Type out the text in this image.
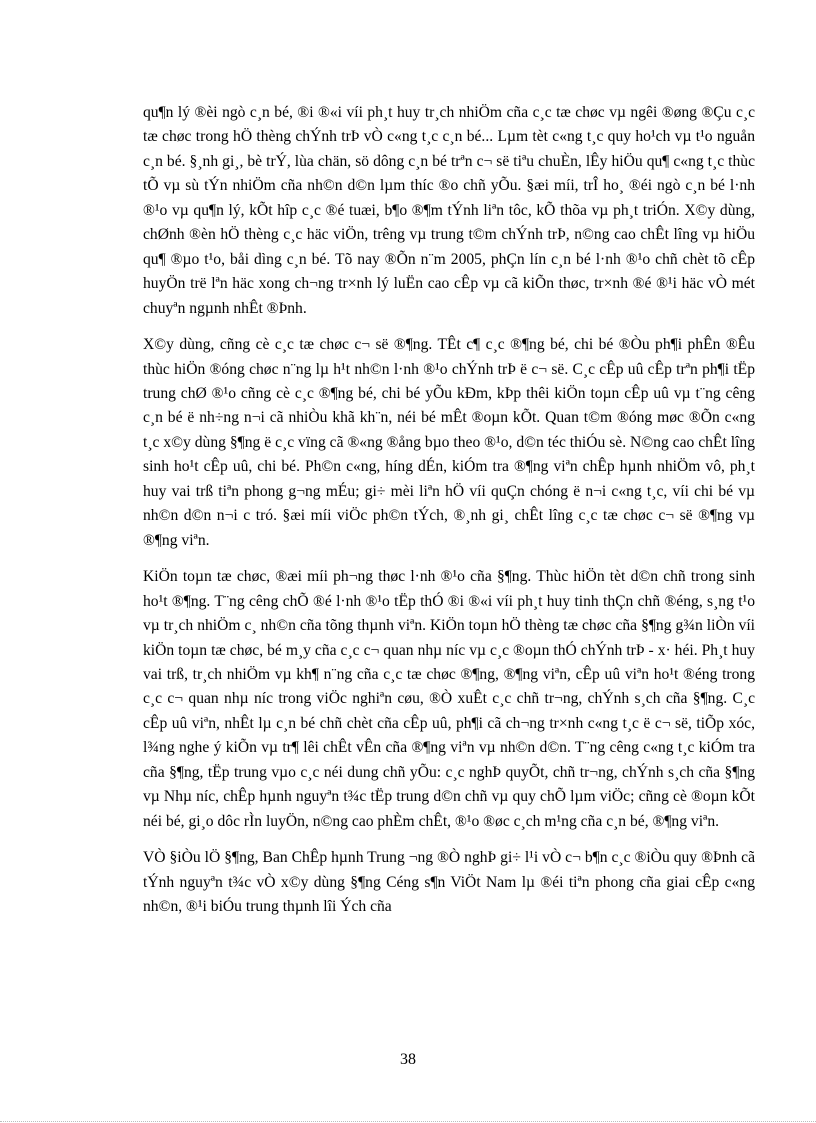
qu¶n lý ®èi ngò c¸n bé, ®i ®«i víi ph¸t huy tr¸ch nhiÖm cña c¸c tæ chøc vµ ngêi ®øng ®Çu c¸c tæ chøc trong hÖ thèng chÝnh trÞ vÒ c«ng t¸c c¸n bé... Lµm tèt c«ng t¸c quy ho¹ch vµ t¹o nguån c¸n bé. §¸nh gi¸, bè trÝ, lùa chän, sö dông c¸n bé trªn c¬ së tiªu chuÈn, lÊy hiÖu qu¶ c«ng t¸c thùc tÕ vµ sù tÝn nhiÖm cña nh©n d©n lµm thíc ®o chñ yÕu. §æi míi, trÎ ho¸ ®éi ngò c¸n bé l·nh ®¹o vµ qu¶n lý, kÕt hîp c¸c ®é tuæi, b¶o ®¶m tÝnh liªn tôc, kÕ thõa vµ ph¸t triÓn. X©y dùng, chØnh ®èn hÖ thèng c¸c häc viÖn, trêng vµ trung t©m chÝnh trÞ, n©ng cao chÊt lîng vµ hiÖu qu¶ ®µo t¹o, båi dìng c¸n bé. Tõ nay ®Õn n¨m 2005, phÇn lín c¸n bé l·nh ®¹o chñ chèt tõ cÊp huyÖn trë lªn häc xong ch¬ng tr×nh lý luËn cao cÊp vµ cã kiÕn thøc, tr×nh ®é ®¹i häc vÒ mét chuyªn ngµnh nhÊt ®Þnh.

X©y dùng, cñng cè c¸c tæ chøc c¬ së ®¶ng. TÊt c¶ c¸c ®¶ng bé, chi bé ®Òu ph¶i phÊn ®Êu thùc hiÖn ®óng chøc n¨ng lµ h¹t nh©n l·nh ®¹o chÝnh trÞ ë c¬ së. C¸c cÊp uû cÊp trªn ph¶i tËp trung chØ ®¹o cñng cè c¸c ®¶ng bé, chi bé yÕu kÐm, kÞp thêi kiÖn toµn cÊp uû vµ t¨ng cêng c¸n bé ë nh÷ng n¬i cã nhiÒu khã kh¨n, néi bé mÊt ®oµn kÕt. Quan t©m ®óng møc ®Õn c«ng t¸c x©y dùng §¶ng ë c¸c vïng cã ®«ng ®ång bµo theo ®¹o, d©n téc thiÓu sè. N©ng cao chÊt lîng sinh ho¹t cÊp uû, chi bé. Ph©n c«ng, híng dÉn, kiÓm tra ®¶ng viªn chÊp hµnh nhiÖm vô, ph¸t huy vai trß tiªn phong g¬ng mÉu; gi÷ mèi liªn hÖ víi quÇn chóng ë n¬i c«ng t¸c, víi chi bé vµ nh©n d©n n¬i c tró. §æi míi viÖc ph©n tÝch, ®¸nh gi¸ chÊt lîng c¸c tæ chøc c¬ së ®¶ng vµ ®¶ng viªn.

KiÖn toµn tæ chøc, ®æi míi ph¬ng thøc l·nh ®¹o cña §¶ng. Thùc hiÖn tèt d©n chñ trong sinh ho¹t ®¶ng. T¨ng cêng chÕ ®é l·nh ®¹o tËp thÓ ®i ®«i víi ph¸t huy tinh thÇn chñ ®éng, s¸ng t¹o vµ tr¸ch nhiÖm c¸ nh©n cña tõng thµnh viªn. KiÖn toµn hÖ thèng tæ chøc cña §¶ng g¾n liÒn víi kiÖn toµn tæ chøc, bé m¸y cña c¸c c¬ quan nhµ níc vµ c¸c ®oµn thÓ chÝnh trÞ - x· héi. Ph¸t huy vai trß, tr¸ch nhiÖm vµ kh¶ n¨ng cña c¸c tæ chøc ®¶ng, ®¶ng viªn, cÊp uû viªn ho¹t ®éng trong c¸c c¬ quan nhµ níc trong viÖc nghiªn cøu, ®Ò xuÊt c¸c chñ tr¬ng, chÝnh s¸ch cña §¶ng. C¸c cÊp uû viªn, nhÊt lµ c¸n bé chñ chèt cña cÊp uû, ph¶i cã ch¬ng tr×nh c«ng t¸c ë c¬ së, tiÕp xóc, l¾ng nghe ý kiÕn vµ tr¶ lêi chÊt vÊn cña ®¶ng viªn vµ nh©n d©n. T¨ng cêng c«ng t¸c kiÓm tra cña §¶ng, tËp trung vµo c¸c néi dung chñ yÕu: c¸c nghÞ quyÕt, chñ tr¬ng, chÝnh s¸ch cña §¶ng vµ Nhµ níc, chÊp hµnh nguyªn t¾c tËp trung d©n chñ vµ quy chÕ lµm viÖc; cñng cè ®oµn kÕt néi bé, gi¸o dôc rÌn luyÖn, n©ng cao phÈm chÊt, ®¹o ®øc c¸ch m¹ng cña c¸n bé, ®¶ng viªn.

VÒ §iÒu lÖ §¶ng, Ban ChÊp hµnh Trung ¬ng ®Ò nghÞ gi÷ l¹i vÒ c¬ b¶n c¸c ®iÒu quy ®Þnh cã tÝnh nguyªn t¾c vÒ x©y dùng §¶ng Céng s¶n ViÖt Nam lµ ®éi tiªn phong cña giai cÊp c«ng nh©n, ®¹i biÓu trung thµnh lîi Ých cña

38
